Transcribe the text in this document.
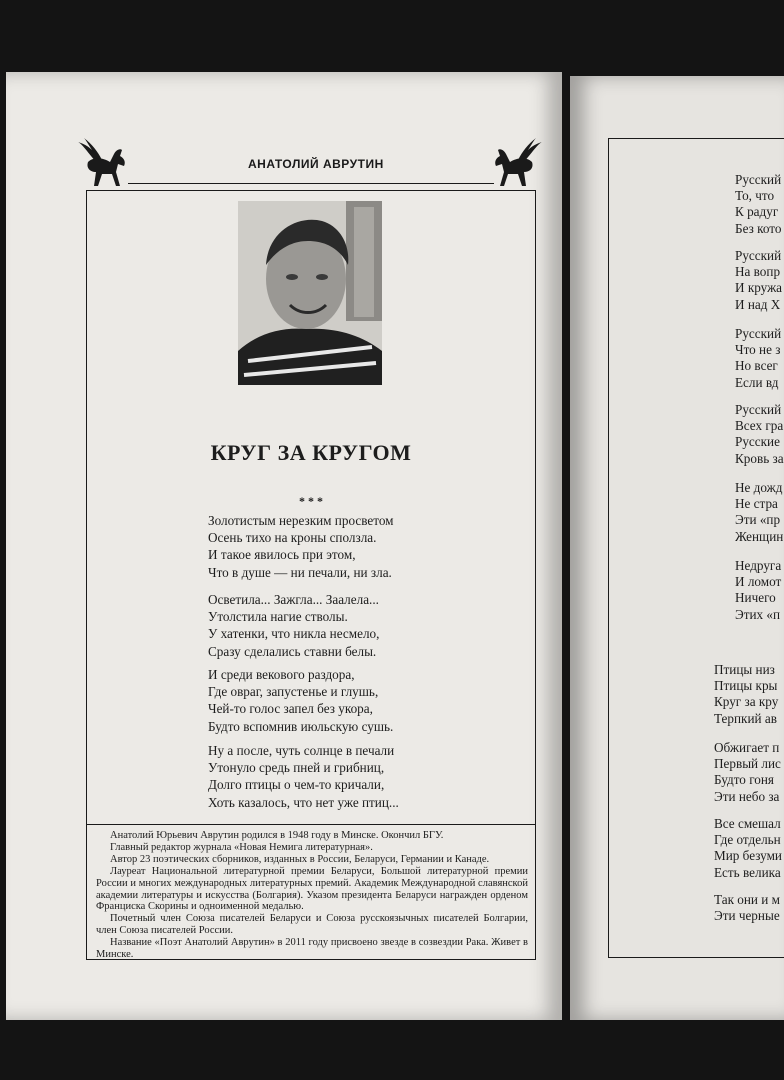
АНАТОЛИЙ АВРУТИН
КРУГ ЗА КРУГОМ
* * *
Золотистым нерезким просветом
Осень тихо на кроны сползла.
И такое явилось при этом,
Что в душе — ни печали, ни зла.
Осветила... Зажгла... Заалела...
Утолстила нагие стволы.
У хатенки, что никла несмело,
Сразу сделались ставни белы.
И среди векового раздора,
Где овраг, запустенье и глушь,
Чей-то голос запел без укора,
Будто вспомнив июльскую сушь.
Ну а после, чуть солнце в печали
Утонуло средь пней и грибниц,
Долго птицы о чем-то кричали,
Хоть казалось, что нет уже птиц...

Анатолий Юрьевич Аврутин родился в 1948 году в Минске. Окончил БГУ.

Главный редактор журнала «Новая Немига литературная».

Автор 23 поэтических сборников, изданных в России, Беларуси, Германии и Канаде.

Лауреат Национальной литературной премии Беларуси, Большой литературной премии России и многих международных литературных премий. Академик Международной славянской академии литературы и искусства (Болгария). Указом президента Беларуси награжден орденом Франциска Скорины и одноименной медалью.

Почетный член Союза писателей Беларуси и Союза русскоязычных писателей Болгарии, член Союза писателей России.

Название «Поэт Анатолий Аврутин» в 2011 году присвоено звезде в созвездии Рака. Живет в Минске.

Русский
То, что
К радуг
Без кото
Русский
На вопр
И кружа
И над Х
Русский
Что не з
Но всег
Если вд
Русский
Всех гра
Русские
Кровь за
Не дожд
Не стра
Эти «пр
Женщин
Недруга
И ломот
Ничего
Этих «п
Птицы низ
Птицы кры
Круг за кру
Терпкий ав
Обжигает п
Первый лис
Будто гоня
Эти небо за
Все смешал
Где отдельн
Мир безуми
Есть велика
Так они и м
Эти черные
